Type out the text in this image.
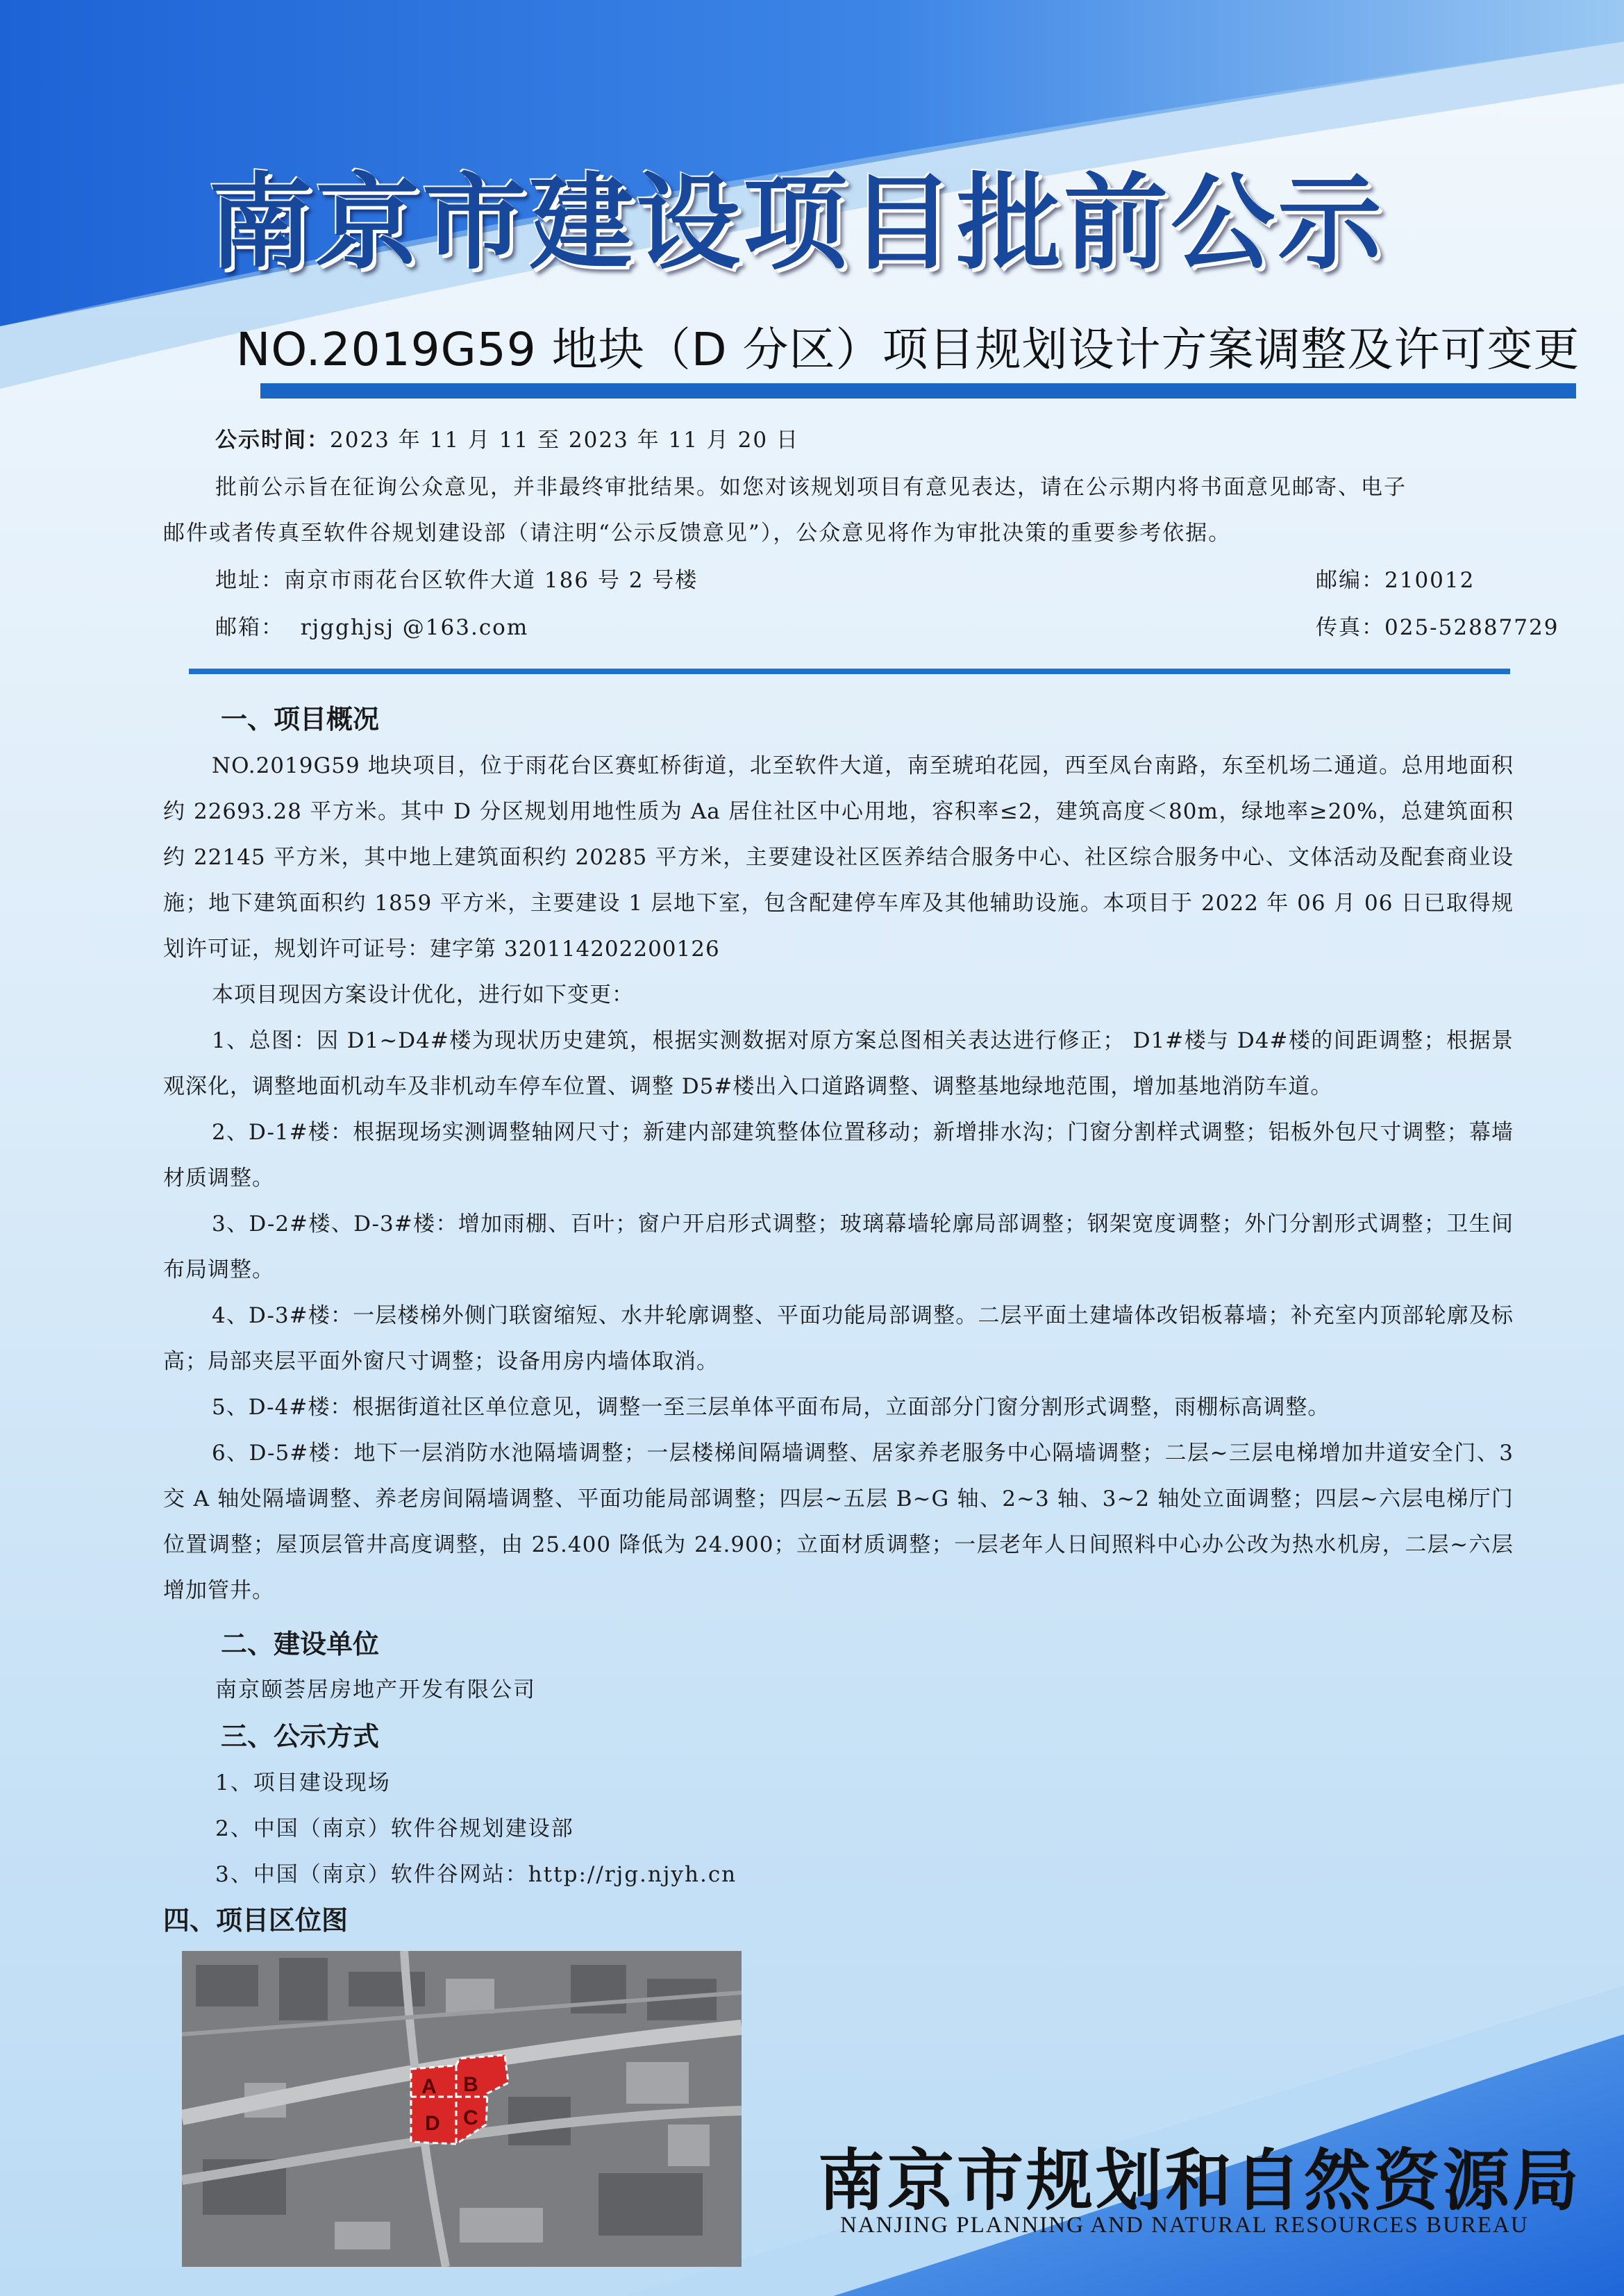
南京市建设项目批前公示
NO.2019G59 地块（D 分区）项目规划设计方案调整及许可变更
公示时间：2023 年 11 月 11 至 2023 年 11 月 20 日
批前公示旨在征询公众意见，并非最终审批结果。如您对该规划项目有意见表达，请在公示期内将书面意见邮寄、电子
邮件或者传真至软件谷规划建设部（请注明“公示反馈意见”），公众意见将作为审批决策的重要参考依据。
地址：南京市雨花台区软件大道 186 号 2 号楼	邮编：210012
邮箱： rjgghjsj @163.com	传真：025-52887729
一、项目概况

NO.2019G59 地块项目，位于雨花台区赛虹桥街道，北至软件大道，南至琥珀花园，西至凤台南路，东至机场二通道。总用地面积约 22693.28 平方米。其中 D 分区规划用地性质为 Aa 居住社区中心用地，容积率≤2，建筑高度＜80m，绿地率≥20%，总建筑面积约 22145 平方米，其中地上建筑面积约 20285 平方米，主要建设社区医养结合服务中心、社区综合服务中心、文体活动及配套商业设施；地下建筑面积约 1859 平方米，主要建设 1 层地下室，包含配建停车库及其他辅助设施。本项目于 2022 年 06 月 06 日已取得规划许可证，规划许可证号：建字第 320114202200126

本项目现因方案设计优化，进行如下变更：

1、总图：因 D1~D4#楼为现状历史建筑，根据实测数据对原方案总图相关表达进行修正； D1#楼与 D4#楼的间距调整；根据景观深化，调整地面机动车及非机动车停车位置、调整 D5#楼出入口道路调整、调整基地绿地范围，增加基地消防车道。

2、D-1#楼：根据现场实测调整轴网尺寸；新建内部建筑整体位置移动；新增排水沟；门窗分割样式调整；铝板外包尺寸调整；幕墙材质调整。

3、D-2#楼、D-3#楼：增加雨棚、百叶；窗户开启形式调整；玻璃幕墙轮廓局部调整；钢架宽度调整；外门分割形式调整；卫生间布局调整。

4、D-3#楼：一层楼梯外侧门联窗缩短、水井轮廓调整、平面功能局部调整。二层平面土建墙体改铝板幕墙；补充室内顶部轮廓及标高；局部夹层平面外窗尺寸调整；设备用房内墙体取消。

5、D-4#楼：根据街道社区单位意见，调整一至三层单体平面布局，立面部分门窗分割形式调整，雨棚标高调整。

6、D-5#楼：地下一层消防水池隔墙调整；一层楼梯间隔墙调整、居家养老服务中心隔墙调整；二层~三层电梯增加井道安全门、3 交 A 轴处隔墙调整、养老房间隔墙调整、平面功能局部调整；四层~五层 B~G 轴、2~3 轴、3~2 轴处立面调整；四层~六层电梯厅门位置调整；屋顶层管井高度调整，由 25.400 降低为 24.900；立面材质调整；一层老年人日间照料中心办公改为热水机房，二层~六层增加管井。

二、建设单位
南京颐荟居房地产开发有限公司
三、公示方式
1、项目建设现场
2、中国（南京）软件谷规划建设部
3、中国（南京）软件谷网站：http://rjg.njyh.cn
四、项目区位图
A B
C
D
南京市规划和自然资源局
NANJING PLANNING AND NATURAL RESOURCES BUREAU
